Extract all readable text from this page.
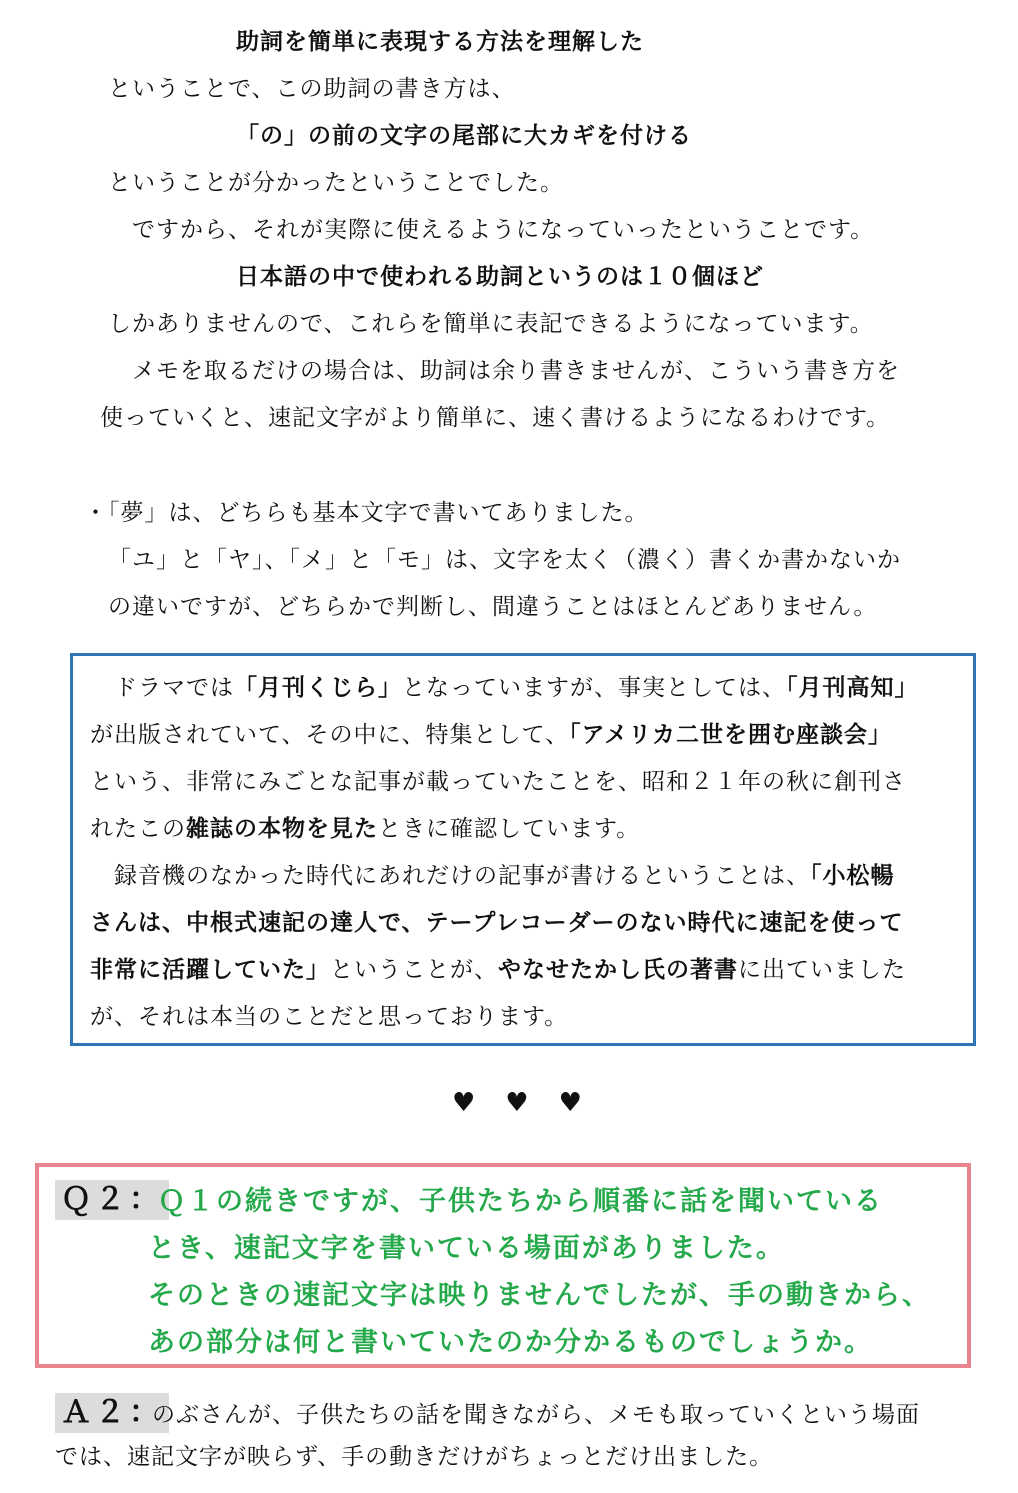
助詞を簡単に表現する方法を理解した
ということで、この助詞の書き方は、
「の」の前の文字の尾部に大カギを付ける
ということが分かったということでした。
ですから、それが実際に使えるようになっていったということです。
日本語の中で使われる助詞というのは１０個ほど
しかありませんので、これらを簡単に表記できるようになっています。
メモを取るだけの場合は、助詞は余り書きませんが、こういう書き方を
使っていくと、速記文字がより簡単に、速く書けるようになるわけです。
・「夢」は、どちらも基本文字で書いてありました。
「ユ」と「ヤ」、「メ」と「モ」は、文字を太く（濃く）書くか書かないか
の違いですが、どちらかで判断し、間違うことはほとんどありません。
ドラマでは「月刊くじら」となっていますが、事実としては、「月刊高知」
が出版されていて、その中に、特集として、「アメリカ二世を囲む座談会」
という、非常にみごとな記事が載っていたことを、昭和２１年の秋に創刊さ
れたこの雑誌の本物を見たときに確認しています。
録音機のなかった時代にあれだけの記事が書けるということは、「小松暢
さんは、中根式速記の達人で、テープレコーダーのない時代に速記を使って
非常に活躍していた」ということが、やなせたかし氏の著書に出ていました
が、それは本当のことだと思っております。
♥♥♥
Ｑ２：
Ｑ１の続きですが、子供たちから順番に話を聞いている
とき、速記文字を書いている場面がありました。
そのときの速記文字は映りませんでしたが、手の動きから、
あの部分は何と書いていたのか分かるものでしょうか。
Ａ２：
のぶさんが、子供たちの話を聞きながら、メモも取っていくという場面
では、速記文字が映らず、手の動きだけがちょっとだけ出ました。
